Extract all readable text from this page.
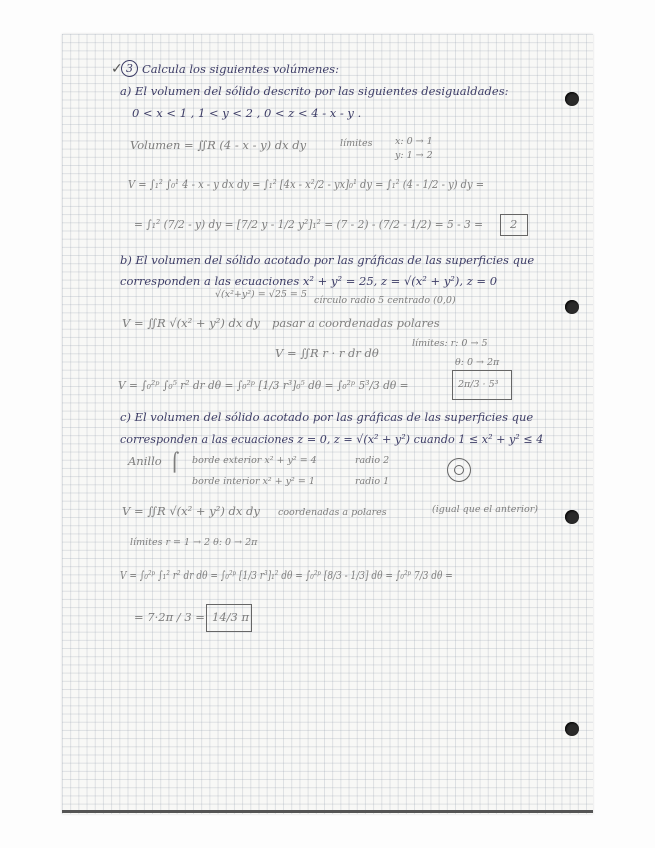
✓ 3 Calcula los siguientes volúmenes:
a) El volumen del sólido descrito por las siguientes desigualdades:
0 < x < 1 , 1 < y < 2 , 0 < z < 4 - x - y .
Volumen = ∬R (4 - x - y) dx dy	límites x: 0 → 1
y: 1 → 2
V = ∫₁² ∫₀¹ 4 - x - y dx dy = ∫₁² [4x - x²/2 - yx]₀¹ dy = ∫₁² (4 - 1/2 - y) dy =
= ∫₁² (7/2 - y) dy = [7/2 y - 1/2 y²]₁² = (7 - 2) - (7/2 - 1/2) = 5 - 3 = 2
b) El volumen del sólido acotado por las gráficas de las superficies que
corresponden a las ecuaciones x² + y² = 25, z = √(x² + y²), z = 0
√(x²+y²) = √25 = 5
círculo radio 5 centrado (0,0)
V = ∬R √(x² + y²) dx dy pasar a coordenadas polares
límites: r: 0 → 5
V = ∬R r · r dr dθ
θ: 0 → 2π
V = ∫₀²ᵖ ∫₀⁵ r² dr dθ = ∫₀²ᵖ [1/3 r³]₀⁵ dθ = ∫₀²ᵖ 5³/3 dθ =	2π/3 · 5³
c) El volumen del sólido acotado por las gráficas de las superficies que
corresponden a las ecuaciones z = 0, z = √(x² + y²) cuando 1 ≤ x² + y² ≤ 4
Anillo ⌠ borde exterior x² + y² = 4	radio 2
borde interior x² + y² = 1	radio 1
V = ∬R √(x² + y²) dx dy coordenadas a polares	(igual que el anterior)
límites r = 1 → 2 θ: 0 → 2π
V = ∫₀²ᵖ ∫₁² r² dr dθ = ∫₀²ᵖ [1/3 r³]₁² dθ = ∫₀²ᵖ [8/3 - 1/3] dθ = ∫₀²ᵖ 7/3 dθ =
= 7·2π / 3 = 14/3 π
